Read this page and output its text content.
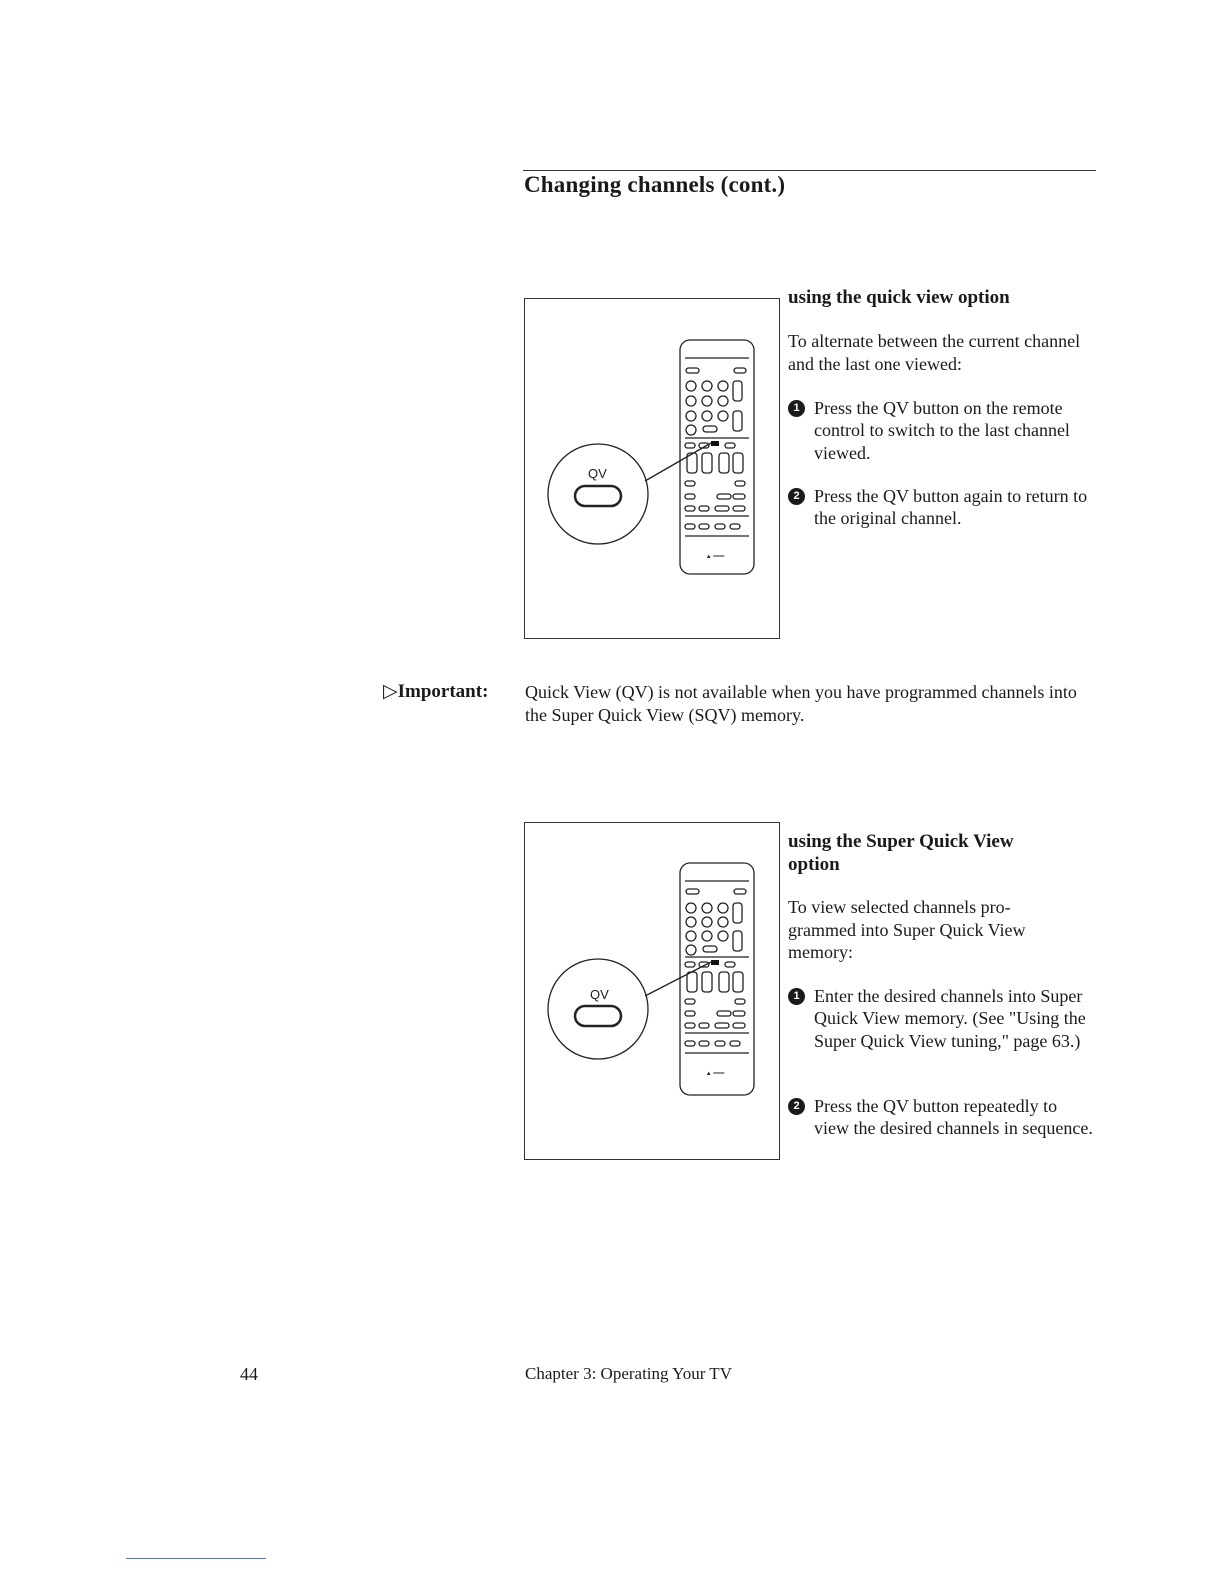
Changing channels (cont.)
▲ ━━━
QV
using the quick view option
To alternate between the current channel and the last one viewed:
1 Press the QV button on the remote control to switch to the last channel viewed.
2 Press the QV button again to return to the original channel.
▷Important: Quick View (QV) is not available when you have programmed channels into the Super Quick View (SQV) memory.
▲ ━━━
QV
using the Super Quick View
option
To view selected channels pro-grammed into Super Quick View memory:
1 Enter the desired channels into Super Quick View memory. (See "Using the Super Quick View tuning," page 63.)
2 Press the QV button repeatedly to view the desired channels in sequence.
44	Chapter 3: Operating Your TV
